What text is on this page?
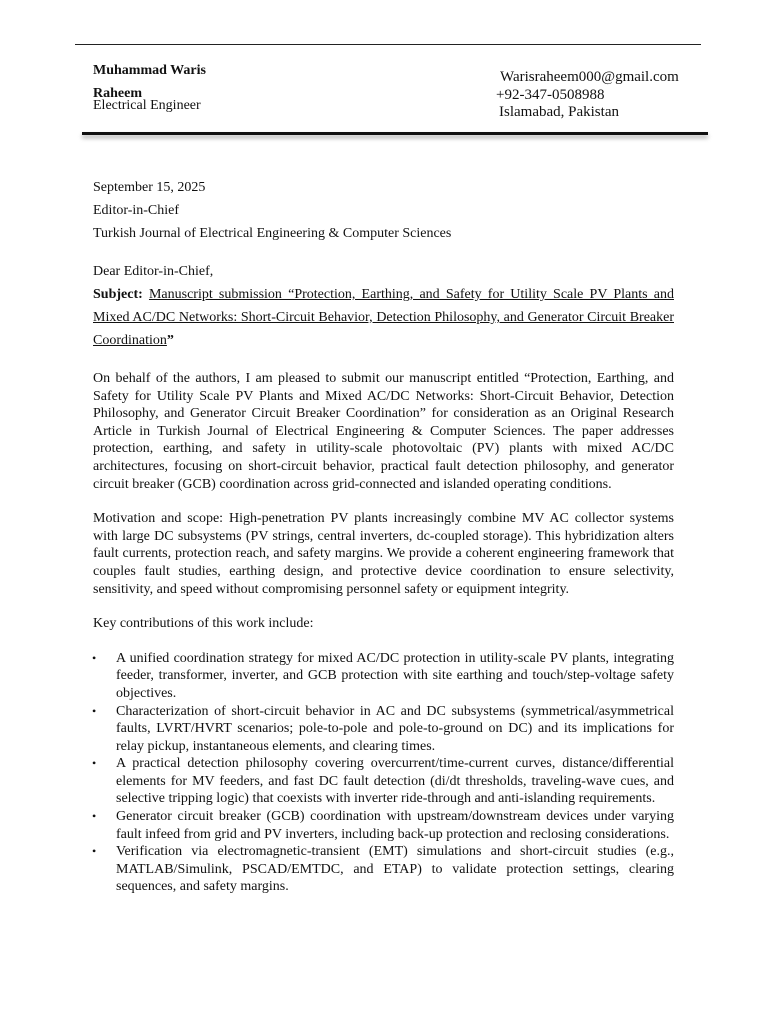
Muhammad Waris Raheem
Electrical Engineer
Warisraheem000@gmail.com
+92-347-0508988
Islamabad, Pakistan
September 15, 2025
Editor-in-Chief
Turkish Journal of Electrical Engineering & Computer Sciences
Dear Editor-in-Chief,
Subject: Manuscript submission “Protection, Earthing, and Safety for Utility Scale PV Plants and Mixed AC/DC Networks: Short-Circuit Behavior, Detection Philosophy, and Generator Circuit Breaker Coordination”

On behalf of the authors, I am pleased to submit our manuscript entitled “Protection, Earthing, and Safety for Utility Scale PV Plants and Mixed AC/DC Networks: Short-Circuit Behavior, Detection Philosophy, and Generator Circuit Breaker Coordination” for consideration as an Original Research Article in Turkish Journal of Electrical Engineering & Computer Sciences. The paper addresses protection, earthing, and safety in utility-scale photovoltaic (PV) plants with mixed AC/DC architectures, focusing on short-circuit behavior, practical fault detection philosophy, and generator circuit breaker (GCB) coordination across grid-connected and islanded operating conditions.

Motivation and scope: High-penetration PV plants increasingly combine MV AC collector systems with large DC subsystems (PV strings, central inverters, dc-coupled storage). This hybridization alters fault currents, protection reach, and safety margins. We provide a coherent engineering framework that couples fault studies, earthing design, and protective device coordination to ensure selectivity, sensitivity, and speed without compromising personnel safety or equipment integrity.

Key contributions of this work include:

• A unified coordination strategy for mixed AC/DC protection in utility-scale PV plants, integrating feeder, transformer, inverter, and GCB protection with site earthing and touch/step-voltage safety objectives.
• Characterization of short-circuit behavior in AC and DC subsystems (symmetrical/asymmetrical faults, LVRT/HVRT scenarios; pole-to-pole and pole-to-ground on DC) and its implications for relay pickup, instantaneous elements, and clearing times.
• A practical detection philosophy covering overcurrent/time-current curves, distance/differential elements for MV feeders, and fast DC fault detection (di/dt thresholds, traveling-wave cues, and selective tripping logic) that coexists with inverter ride-through and anti-islanding requirements.
• Generator circuit breaker (GCB) coordination with upstream/downstream devices under varying fault infeed from grid and PV inverters, including back-up protection and reclosing considerations.
• Verification via electromagnetic-transient (EMT) simulations and short-circuit studies (e.g., MATLAB/Simulink, PSCAD/EMTDC, and ETAP) to validate protection settings, clearing sequences, and safety margins.
